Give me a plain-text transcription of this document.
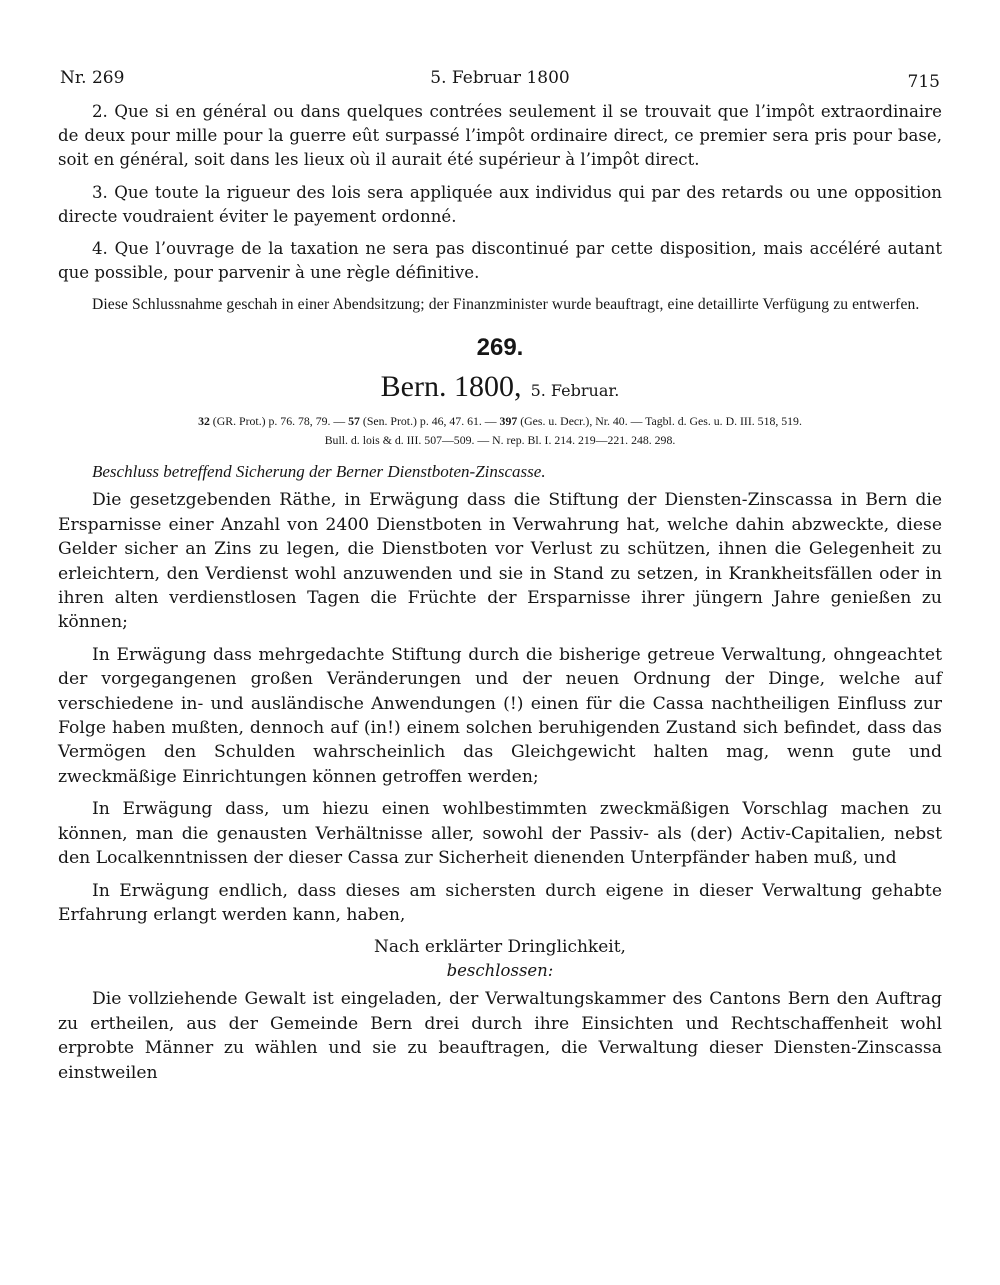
Nr. 269	5. Februar 1800	715

2. Que si en général ou dans quelques contrées seulement il se trouvait que l’impôt extraordinaire de deux pour mille pour la guerre eût surpassé l’impôt ordinaire direct, ce premier sera pris pour base, soit en général, soit dans les lieux où il aurait été supérieur à l’impôt direct.

3. Que toute la rigueur des lois sera appliquée aux individus qui par des retards ou une opposition directe voudraient éviter le payement ordonné.

4. Que l’ouvrage de la taxation ne sera pas discontinué par cette disposition, mais accéléré autant que possible, pour parvenir à une règle définitive.

Diese Schlussnahme geschah in einer Abendsitzung; der Finanzminister wurde beauftragt, eine detaillirte Verfügung zu entwerfen.

269.
Bern. 1800, 5. Februar.
32 (GR. Prot.) p. 76. 78, 79. — 57 (Sen. Prot.) p. 46, 47. 61. — 397 (Ges. u. Decr.), Nr. 40. — Tagbl. d. Ges. u. D. III. 518, 519.
Bull. d. lois & d. III. 507—509. — N. rep. Bl. I. 214. 219—221. 248. 298.
Beschluss betreffend Sicherung der Berner Dienstboten-Zinscasse.

Die gesetzgebenden Räthe, in Erwägung dass die Stiftung der Diensten-Zinscassa in Bern die Ersparnisse einer Anzahl von 2400 Dienstboten in Verwahrung hat, welche dahin abzweckte, diese Gelder sicher an Zins zu legen, die Dienstboten vor Verlust zu schützen, ihnen die Gelegenheit zu erleichtern, den Verdienst wohl anzuwenden und sie in Stand zu setzen, in Krankheitsfällen oder in ihren alten verdienstlosen Tagen die Früchte der Ersparnisse ihrer jüngern Jahre genießen zu können;

In Erwägung dass mehrgedachte Stiftung durch die bisherige getreue Verwaltung, ohngeachtet der vorgegangenen großen Veränderungen und der neuen Ordnung der Dinge, welche auf verschiedene in- und ausländische Anwendungen (!) einen für die Cassa nachtheiligen Einfluss zur Folge haben mußten, dennoch auf (in!) einem solchen beruhigenden Zustand sich befindet, dass das Vermögen den Schulden wahrscheinlich das Gleichgewicht halten mag, wenn gute und zweckmäßige Einrichtungen können getroffen werden;

In Erwägung dass, um hiezu einen wohlbestimmten zweckmäßigen Vorschlag machen zu können, man die genausten Verhältnisse aller, sowohl der Passiv- als (der) Activ-Capitalien, nebst den Localkenntnissen der dieser Cassa zur Sicherheit dienenden Unterpfänder haben muß, und

In Erwägung endlich, dass dieses am sichersten durch eigene in dieser Verwaltung gehabte Erfahrung erlangt werden kann, haben,

Nach erklärter Dringlichkeit,
beschlossen:

Die vollziehende Gewalt ist eingeladen, der Verwaltungskammer des Cantons Bern den Auftrag zu ertheilen, aus der Gemeinde Bern drei durch ihre Einsichten und Rechtschaffenheit wohl erprobte Männer zu wählen und sie zu beauftragen, die Verwaltung dieser Diensten-Zinscassa einstweilen
